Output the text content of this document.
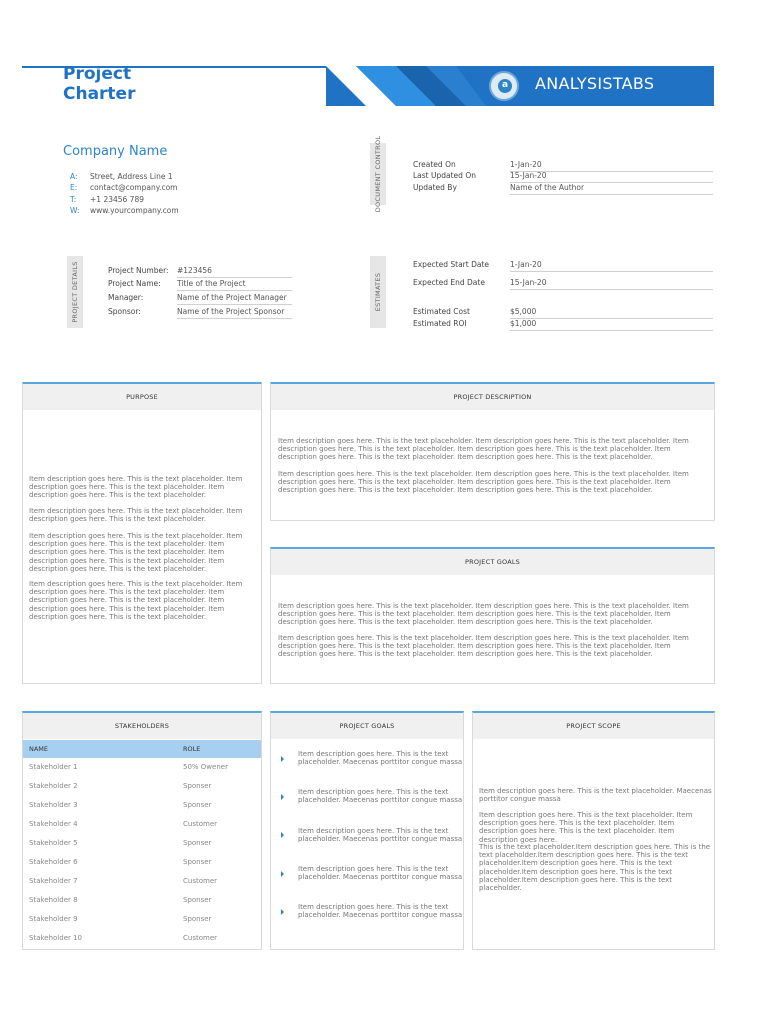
Project
Charter	a ANALYSISTABS
Company Name
A:	Street, Address Line 1
E:	contact@company.com
T:	+1 23456 789
W:	www.yourcompany.com	DOCUMENT CONTROL	Created On	1-Jan-20
Last Updated On	15-Jan-20
Updated By	Name of the Author
PROJECT DETAILS	Project Number: #123456
Project Name: Title of the Project
Manager:	Name of the Project Manager
Sponsor:	Name of the Project Sponsor
ESTIMATES
Expected Start Date	1-Jan-20
Expected End Date	15-Jan-20
Estimated Cost	$5,000
Estimated ROI	$1,000
PURPOSE
Item description goes here. This is the text placeholder. Item description goes here. This is the text placeholder. Item description goes here. This is the text placeholder.
Item description goes here. This is the text placeholder. Item description goes here. This is the text placeholder.
Item description goes here. This is the text placeholder. Item description goes here. This is the text placeholder. Item description goes here. This is the text placeholder. Item description goes here. This is the text placeholder. Item description goes here. This is the text placeholder.
Item description goes here. This is the text placeholder. Item description goes here. This is the text placeholder. Item description goes here. This is the text placeholder. Item description goes here. This is the text placeholder. Item description goes here. This is the text placeholder.
PROJECT DESCRIPTION
Item description goes here. This is the text placeholder. Item description goes here. This is the text placeholder. Item description goes here. This is the text placeholder. Item description goes here. This is the text placeholder. Item description goes here. This is the text placeholder. Item description goes here. This is the text placeholder.
Item description goes here. This is the text placeholder. Item description goes here. This is the text placeholder. Item description goes here. This is the text placeholder. Item description goes here. This is the text placeholder. Item description goes here. This is the text placeholder. Item description goes here. This is the text placeholder.
PROJECT GOALS
Item description goes here. This is the text placeholder. Item description goes here. This is the text placeholder. Item description goes here. This is the text placeholder. Item description goes here. This is the text placeholder. Item description goes here. This is the text placeholder. Item description goes here. This is the text placeholder.
Item description goes here. This is the text placeholder. Item description goes here. This is the text placeholder. Item description goes here. This is the text placeholder. Item description goes here. This is the text placeholder. Item description goes here. This is the text placeholder. Item description goes here. This is the text placeholder.
STAKEHOLDERS
NAME	ROLE
Stakeholder 1	50% Owener
Stakeholder 2	Sponser
Stakeholder 3	Sponser
Stakeholder 4	Customer
Stakeholder 5	Sponser
Stakeholder 6	Sponser
Stakeholder 7	Customer
Stakeholder 8	Sponser
Stakeholder 9	Sponser
Stakeholder 10	Customer
PROJECT GOALS
Item description goes here. This is the text placeholder. Maecenas porttitor congue massa
Item description goes here. This is the text placeholder. Maecenas porttitor congue massa
Item description goes here. This is the text placeholder. Maecenas porttitor congue massa
Item description goes here. This is the text placeholder. Maecenas porttitor congue massa
Item description goes here. This is the text placeholder. Maecenas porttitor congue massa
PROJECT SCOPE
Item description goes here. This is the text placeholder. Maecenas porttitor congue massa
Item description goes here. This is the text placeholder. Item description goes here. This is the text placeholder. Item description goes here. This is the text placeholder. Item description goes here.
This is the text placeholder.Item description goes here. This is the text placeholder.Item description goes here. This is the text placeholder.Item description goes here. This is the text placeholder.Item description goes here. This is the text placeholder.Item description goes here. This is the text placeholder.
